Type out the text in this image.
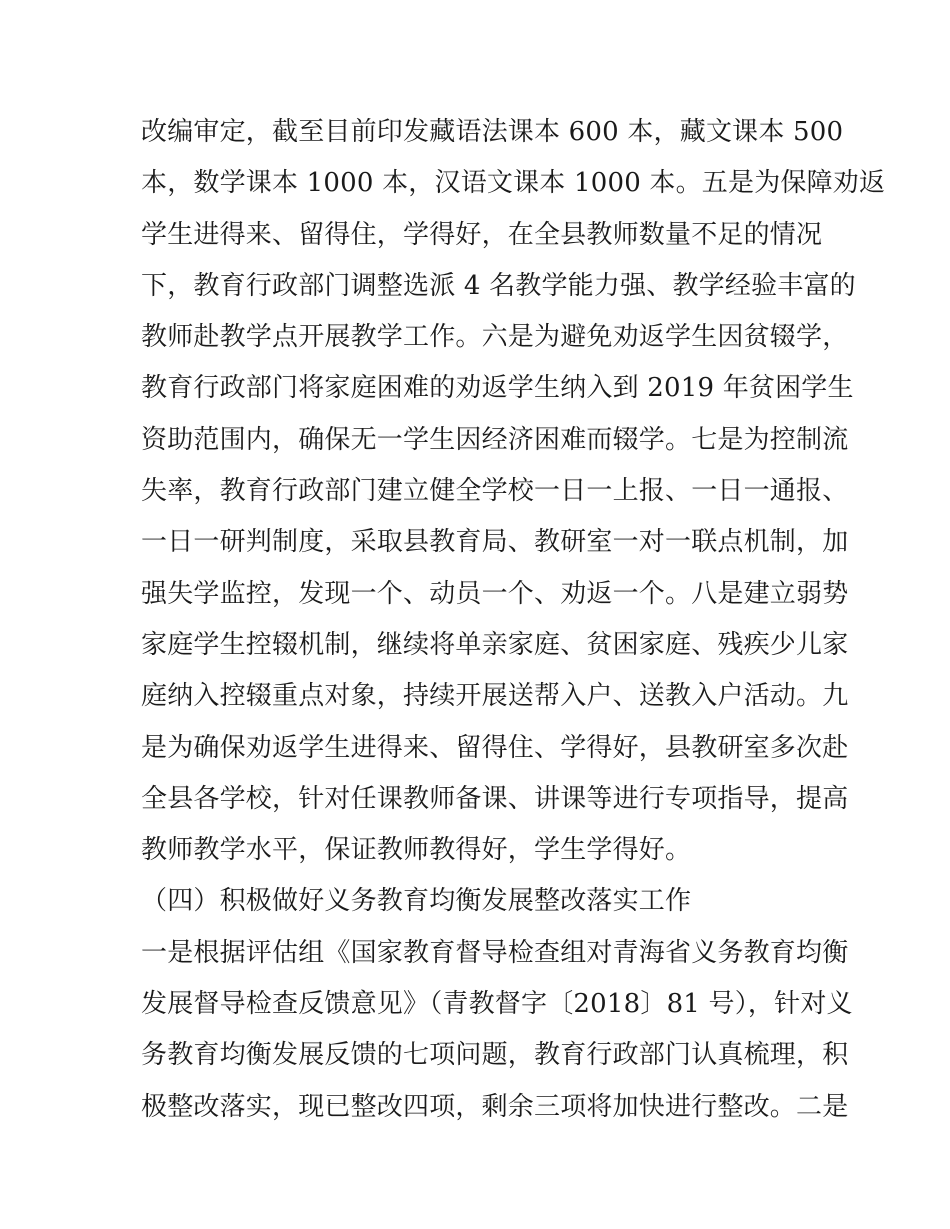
改编审定，截至目前印发藏语法课本 600 本，藏文课本 500
本，数学课本 1000 本，汉语文课本 1000 本。五是为保障劝返
学生进得来、留得住，学得好，在全县教师数量不足的情况
下，教育行政部门调整选派 4 名教学能力强、教学经验丰富的
教师赴教学点开展教学工作。六是为避免劝返学生因贫辍学，
教育行政部门将家庭困难的劝返学生纳入到 2019 年贫困学生
资助范围内，确保无一学生因经济困难而辍学。七是为控制流
失率，教育行政部门建立健全学校一日一上报、一日一通报、
一日一研判制度，采取县教育局、教研室一对一联点机制，加
强失学监控，发现一个、动员一个、劝返一个。八是建立弱势
家庭学生控辍机制，继续将单亲家庭、贫困家庭、残疾少儿家
庭纳入控辍重点对象，持续开展送帮入户、送教入户活动。九
是为确保劝返学生进得来、留得住、学得好，县教研室多次赴
全县各学校，针对任课教师备课、讲课等进行专项指导，提高
教师教学水平，保证教师教得好，学生学得好。
（四）积极做好义务教育均衡发展整改落实工作
一是根据评估组《国家教育督导检查组对青海省义务教育均衡
发展督导检查反馈意见》（青教督字〔2018〕81 号），针对义
务教育均衡发展反馈的七项问题，教育行政部门认真梳理，积
极整改落实，现已整改四项，剩余三项将加快进行整改。二是
